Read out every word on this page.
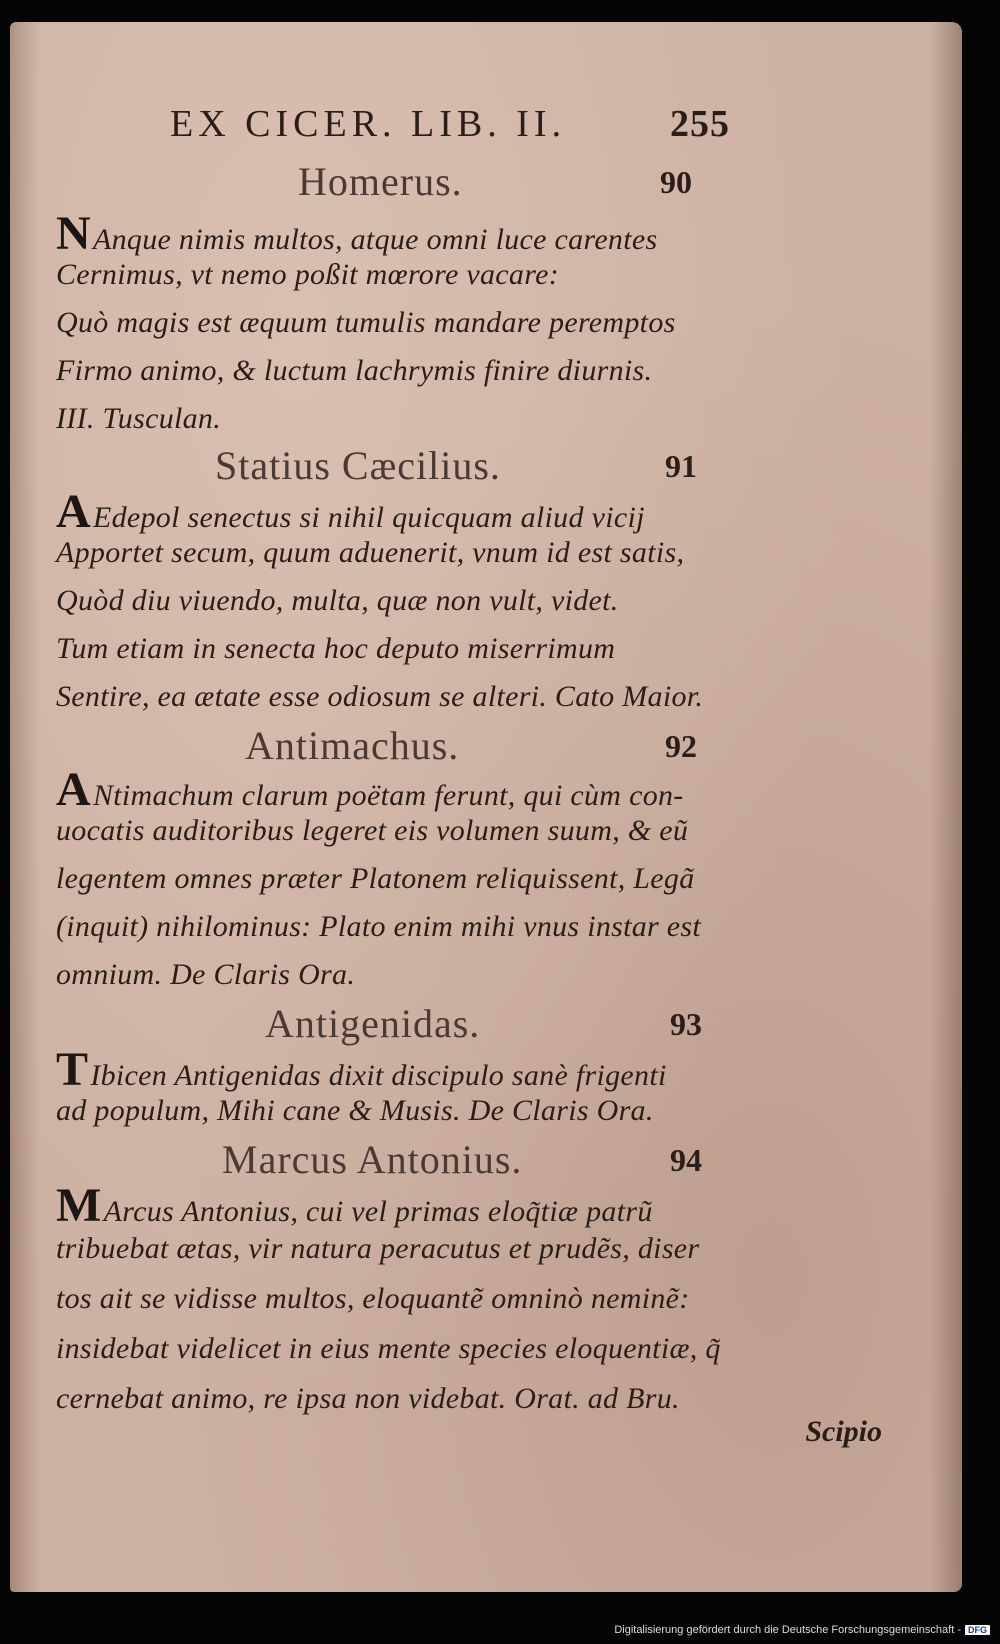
EX CICER. LIB. II.	255
Homerus.	90
NAnque nimis multos, atque omni luce carentes
Cernimus, vt nemo poßit mœrore vacare:
Quò magis est æquum tumulis mandare peremptos
Firmo animo, & luctum lachrymis finire diurnis.
III. Tusculan.
Statius Cæcilius.	91
AEdepol senectus si nihil quicquam aliud vicij
Apportet secum, quum aduenerit, vnum id est satis,
Quòd diu viuendo, multa, quæ non vult, videt.
Tum etiam in senecta hoc deputo miserrimum
Sentire, ea ætate esse odiosum se alteri. Cato Maior.
Antimachus.	92
ANtimachum clarum poëtam ferunt, qui cùm con-
uocatis auditoribus legeret eis volumen suum, & eũ
legentem omnes præter Platonem reliquissent, Legã
(inquit) nihilominus: Plato enim mihi vnus instar est
omnium. De Claris Ora.
Antigenidas.	93
TIbicen Antigenidas dixit discipulo sanè frigenti
ad populum, Mihi cane & Musis. De Claris Ora.
Marcus Antonius.	94
MArcus Antonius, cui vel primas eloq̃tiæ patrũ
tribuebat ætas, vir natura peracutus et prudẽs, diser
tos ait se vidisse multos, eloquantẽ omninò neminẽ:
insidebat videlicet in eius mente species eloquentiæ, q̃
cernebat animo, re ipsa non videbat. Orat. ad Bru.
Scipio
Digitalisierung gefördert durch die Deutsche Forschungsgemeinschaft - DFG
